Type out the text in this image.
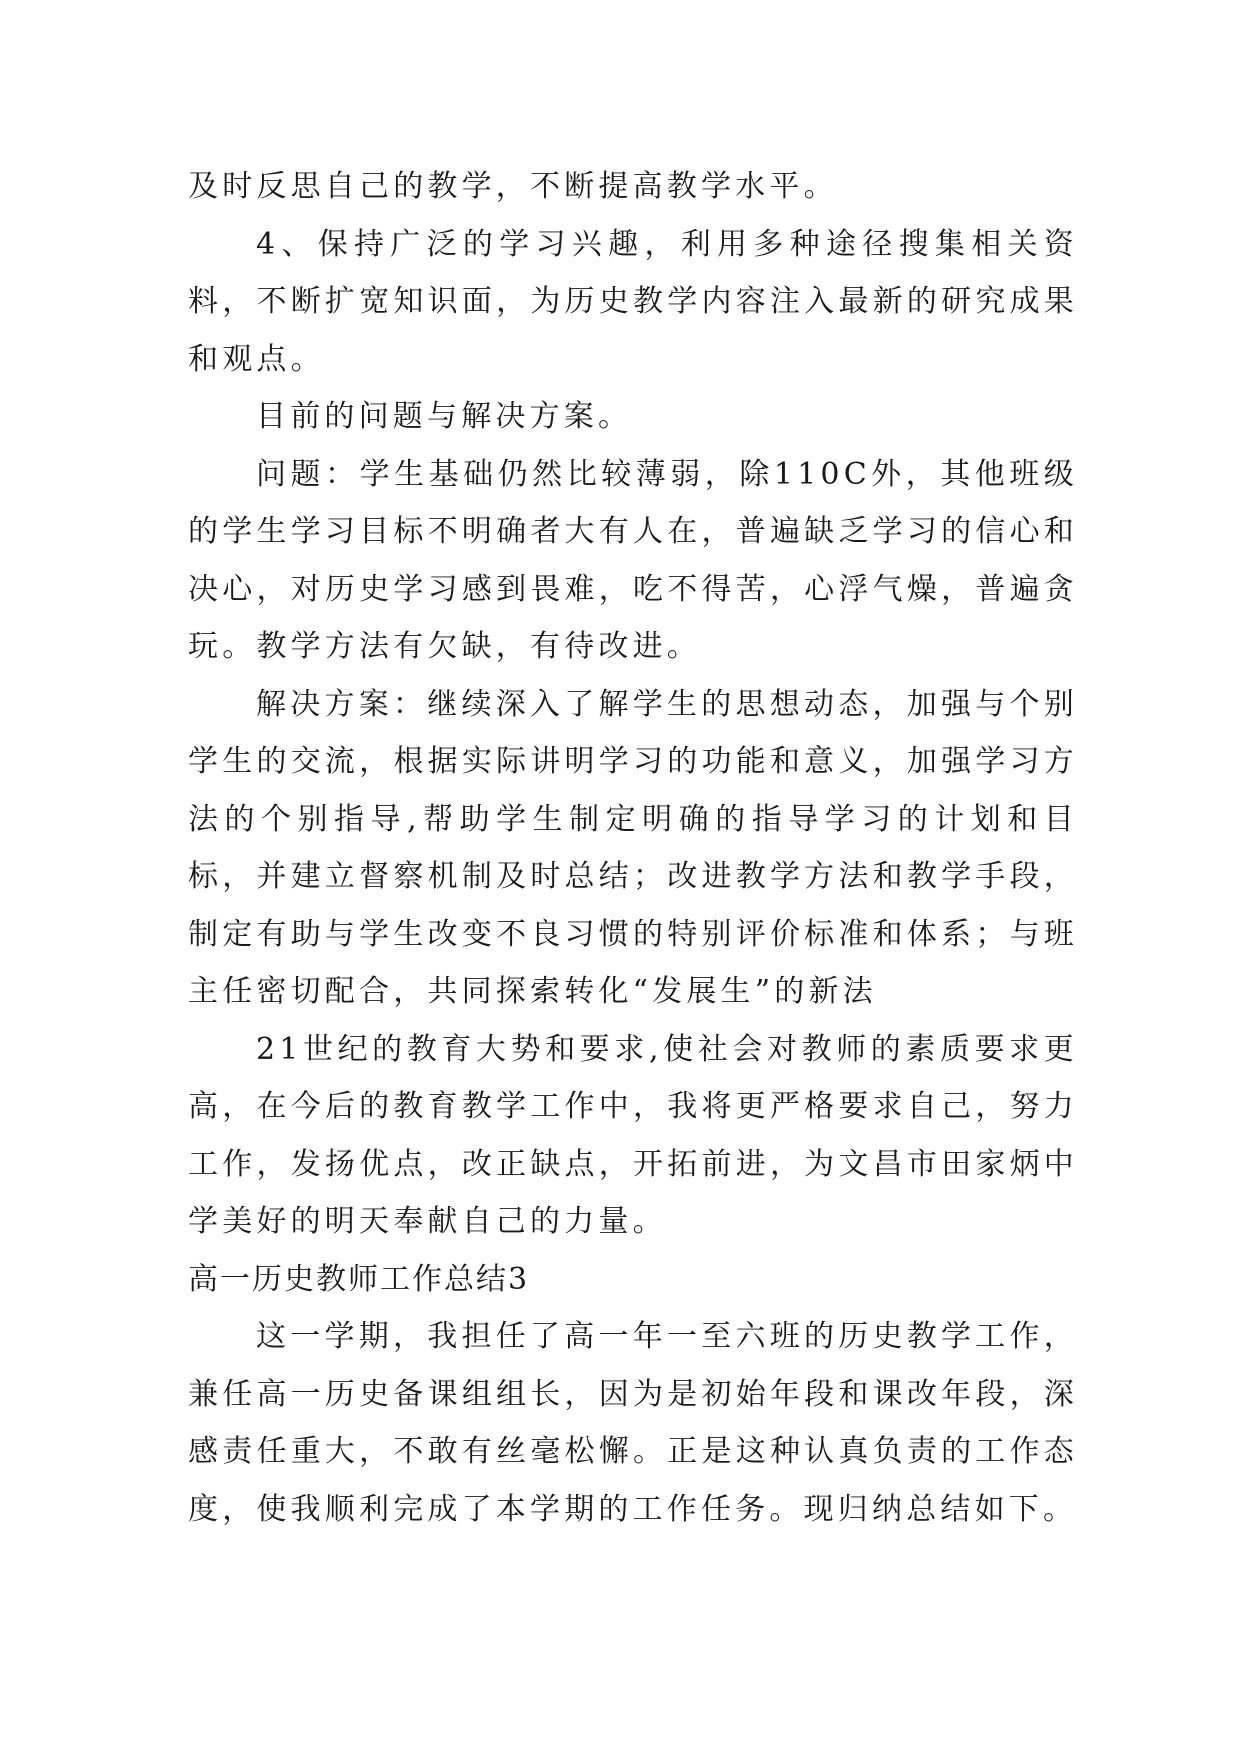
及时反思自己的教学，不断提高教学水平。

4、保持广泛的学习兴趣，利用多种途径搜集相关资料，不断扩宽知识面，为历史教学内容注入最新的研究成果和观点。

目前的问题与解决方案。

问题：学生基础仍然比较薄弱，除110C外，其他班级的学生学习目标不明确者大有人在，普遍缺乏学习的信心和决心，对历史学习感到畏难，吃不得苦，心浮气燥，普遍贪玩。教学方法有欠缺，有待改进。

解决方案：继续深入了解学生的思想动态，加强与个别学生的交流，根据实际讲明学习的功能和意义，加强学习方法的个别指导,帮助学生制定明确的指导学习的计划和目标，并建立督察机制及时总结；改进教学方法和教学手段，制定有助与学生改变不良习惯的特别评价标准和体系；与班主任密切配合，共同探索转化“发展生”的新法

21世纪的教育大势和要求,使社会对教师的素质要求更高，在今后的教育教学工作中，我将更严格要求自己，努力工作，发扬优点，改正缺点，开拓前进，为文昌市田家炳中学美好的明天奉献自己的力量。

高一历史教师工作总结3

这一学期，我担任了高一年一至六班的历史教学工作，兼任高一历史备课组组长，因为是初始年段和课改年段，深感责任重大，不敢有丝毫松懈。正是这种认真负责的工作态度，使我顺利完成了本学期的工作任务。现归纳总结如下。
